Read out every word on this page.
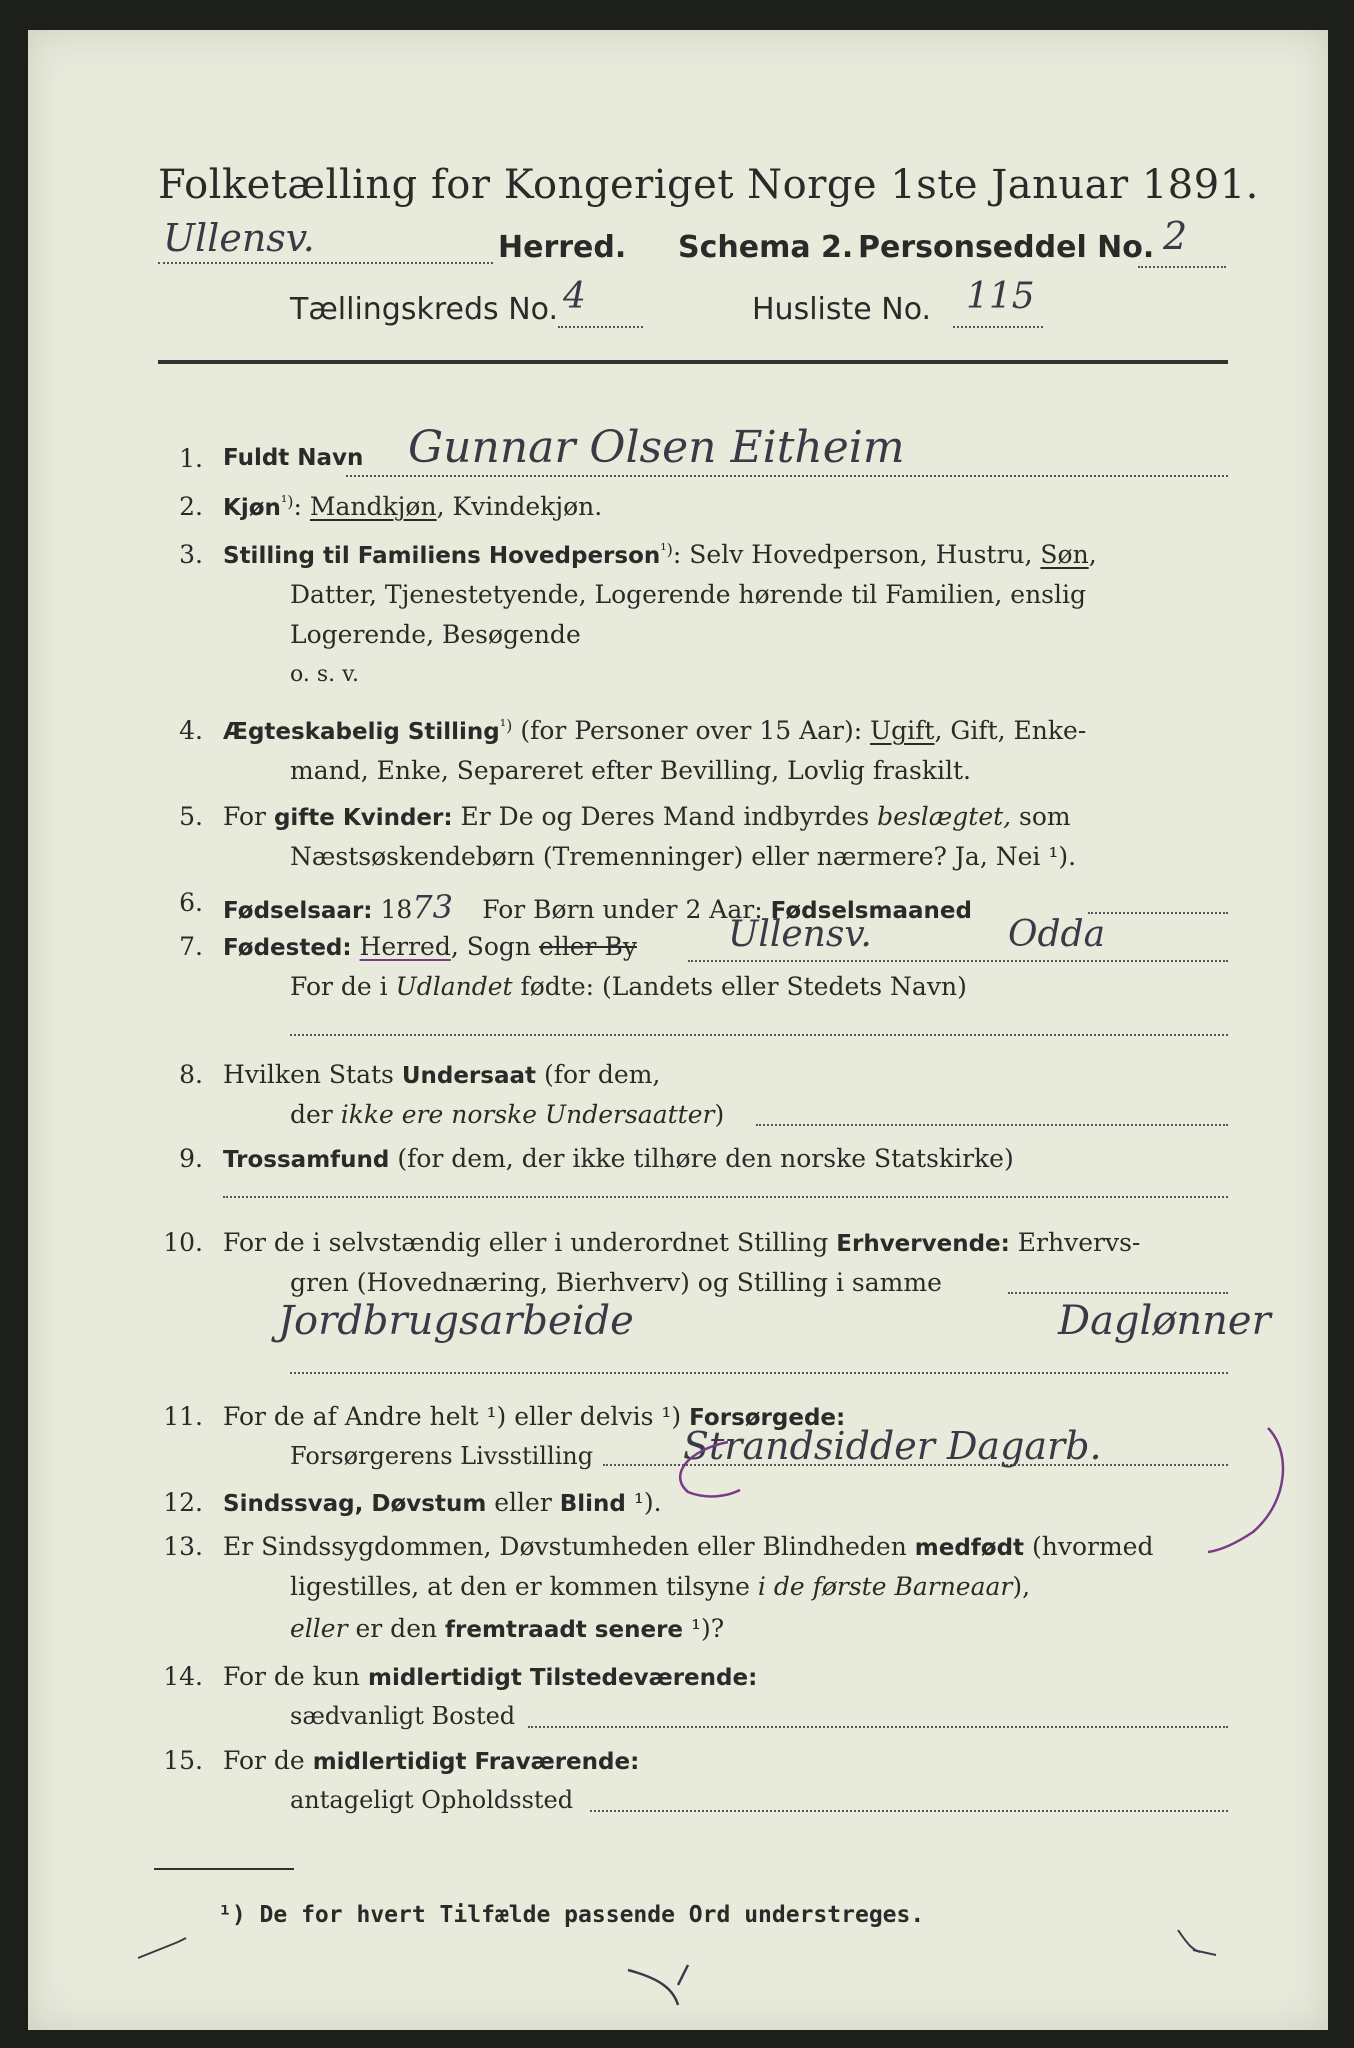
Folketælling for Kongeriget Norge 1ste Januar 1891.
Ullensv.	Herred. Schema 2. Personseddel No. 2
Tællingskreds No. 4	Husliste No. 115
1. Fuldt Navn Gunnar Olsen Eitheim
2. Kjøn$^{^1)}$: Mandkjøn, Kvindekjøn.
3. Stilling til Familiens Hovedperson$^{^1)}$: Selv Hovedperson, Hustru, Søn,
Datter, Tjenestetyende, Logerende hørende til Familien, enslig
Logerende, Besøgende
o. s. v.
4. Ægteskabelig Stilling$^{^1)}$ (for Personer over 15 Aar): Ugift, Gift, Enke-
mand, Enke, Separeret efter Bevilling, Lovlig fraskilt.
5. For gifte Kvinder: Er De og Deres Mand indbyrdes beslægtet, som
Næstsøskendebørn (Tremenninger) eller nærmere? Ja, Nei ¹).
6. Fødselsaar: 1873 For Børn under 2 Aar: Fødselsmaaned
7. Fødested: Herred, Sogn eller By	Ullensv.	Odda
For de i Udlandet fødte: (Landets eller Stedets Navn)
8. Hvilken Stats Undersaat (for dem,
der ikke ere norske Undersaatter)
9. Trossamfund (for dem, der ikke tilhøre den norske Statskirke)
10. For de i selvstændig eller i underordnet Stilling Erhvervende: Erhvervs-
gren (Hovednæring, Bierhverv) og Stilling i samme
Jordbrugsarbeide	Daglønner
11. For de af Andre helt ¹) eller delvis ¹) Forsørgede:
Forsørgerens Livsstilling Strandsidder Dagarb.
12. Sindssvag, Døvstum eller Blind ¹).
13. Er Sindssygdommen, Døvstumheden eller Blindheden medfødt (hvormed
ligestilles, at den er kommen tilsyne i de første Barneaar),
eller er den fremtraadt senere ¹)?
14. For de kun midlertidigt Tilstedeværende:
sædvanligt Bosted
15. For de midlertidigt Fraværende:
antageligt Opholdssted
¹) De for hvert Tilfælde passende Ord understreges.
